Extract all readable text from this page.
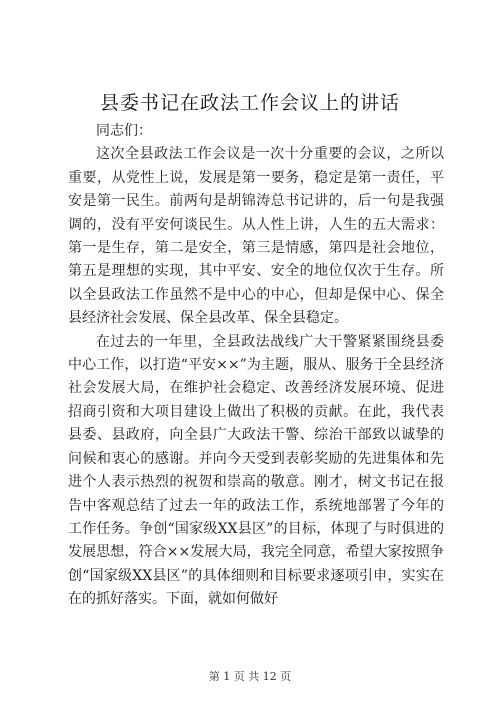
县委书记在政法工作会议上的讲话

同志们：

这次全县政法工作会议是一次十分重要的会议，之所以重要，从党性上说，发展是第一要务，稳定是第一责任，平安是第一民生。前两句是胡锦涛总书记讲的，后一句是我强调的，没有平安何谈民生。从人性上讲，人生的五大需求：第一是生存，第二是安全，第三是情感，第四是社会地位，第五是理想的实现，其中平安、安全的地位仅次于生存。所以全县政法工作虽然不是中心的中心，但却是保中心、保全县经济社会发展、保全县改革、保全县稳定。

在过去的一年里，全县政法战线广大干警紧紧围绕县委中心工作，以打造“平安××”为主题，服从、服务于全县经济社会发展大局，在维护社会稳定、改善经济发展环境、促进招商引资和大项目建设上做出了积极的贡献。在此，我代表县委、县政府，向全县广大政法干警、综治干部致以诚挚的问候和衷心的感谢。并向今天受到表彰奖励的先进集体和先进个人表示热烈的祝贺和崇高的敬意。刚才，树文书记在报告中客观总结了过去一年的政法工作，系统地部署了今年的工作任务。争创“国家级XX县区”的目标，体现了与时俱进的发展思想，符合××发展大局，我完全同意，希望大家按照争创“国家级XX县区”的具体细则和目标要求逐项引申，实实在在的抓好落实。下面，就如何做好

第 1 页 共 12 页
